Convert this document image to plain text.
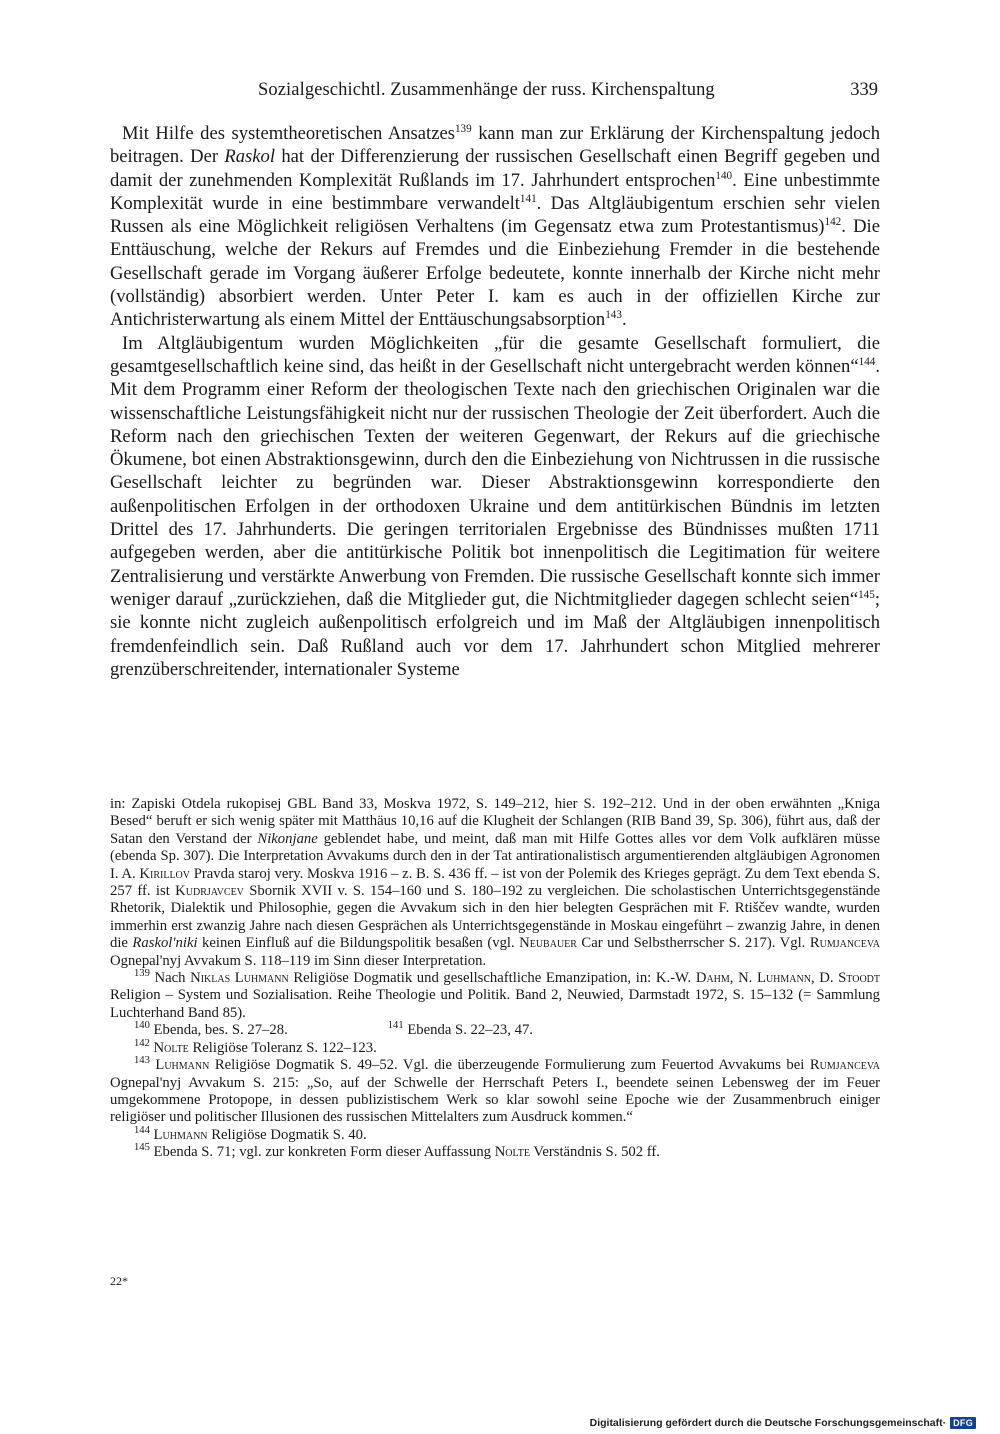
Sozialgeschichtl. Zusammenhänge der russ. Kirchenspaltung	339

Mit Hilfe des systemtheoretischen Ansatzes$^{139}$ kann man zur Erklärung der Kirchenspaltung jedoch beitragen. Der Raskol hat der Differenzierung der russischen Gesellschaft einen Begriff gegeben und damit der zunehmenden Komplexität Rußlands im 17. Jahrhundert entsprochen$^{140}$. Eine unbestimmte Komplexität wurde in eine bestimmbare verwandelt$^{141}$. Das Altgläubigentum erschien sehr vielen Russen als eine Möglichkeit religiösen Verhaltens (im Gegensatz etwa zum Protestantismus)$^{142}$. Die Enttäuschung, welche der Rekurs auf Fremdes und die Einbeziehung Fremder in die bestehende Gesellschaft gerade im Vorgang äußerer Erfolge bedeutete, konnte innerhalb der Kirche nicht mehr (vollständig) absorbiert werden. Unter Peter I. kam es auch in der offiziellen Kirche zur Antichristerwartung als einem Mittel der Enttäuschungsabsorption$^{143}$.

Im Altgläubigentum wurden Möglichkeiten „für die gesamte Gesellschaft formuliert, die gesamtgesellschaftlich keine sind, das heißt in der Gesellschaft nicht untergebracht werden können“$^{144}$. Mit dem Programm einer Reform der theologischen Texte nach den griechischen Originalen war die wissenschaftliche Leistungsfähigkeit nicht nur der russischen Theologie der Zeit überfordert. Auch die Reform nach den griechischen Texten der weiteren Gegenwart, der Rekurs auf die griechische Ökumene, bot einen Abstraktionsgewinn, durch den die Einbeziehung von Nichtrussen in die russische Gesellschaft leichter zu begründen war. Dieser Abstraktionsgewinn korrespondierte den außenpolitischen Erfolgen in der orthodoxen Ukraine und dem antitürkischen Bündnis im letzten Drittel des 17. Jahrhunderts. Die geringen territorialen Ergebnisse des Bündnisses mußten 1711 aufgegeben werden, aber die antitürkische Politik bot innenpolitisch die Legitimation für weitere Zentralisierung und verstärkte Anwerbung von Fremden. Die russische Gesellschaft konnte sich immer weniger darauf „zurückziehen, daß die Mitglieder gut, die Nichtmitglieder dagegen schlecht seien“$^{145}$; sie konnte nicht zugleich außenpolitisch erfolgreich und im Maß der Altgläubigen innenpolitisch fremdenfeindlich sein. Daß Rußland auch vor dem 17. Jahrhundert schon Mitglied mehrerer grenzüberschreitender, internationaler Systeme

in: Zapiski Otdela rukopisej GBL Band 33, Moskva 1972, S. 149–212, hier S. 192–212. Und in der oben erwähnten „Kniga Besed“ beruft er sich wenig später mit Matthäus 10,16 auf die Klugheit der Schlangen (RIB Band 39, Sp. 306), führt aus, daß der Satan den Verstand der Nikonjane geblendet habe, und meint, daß man mit Hilfe Gottes alles vor dem Volk aufklären müsse (ebenda Sp. 307). Die Interpretation Avvakums durch den in der Tat antirationalistisch argumentierenden altgläubigen Agronomen I. A. Kirillov Pravda staroj very. Moskva 1916 – z. B. S. 436 ff. – ist von der Polemik des Krieges geprägt. Zu dem Text ebenda S. 257 ff. ist Kudrjavcev Sbornik XVII v. S. 154–160 und S. 180–192 zu vergleichen. Die scholastischen Unterrichtsgegenstände Rhetorik, Dialektik und Philosophie, gegen die Avvakum sich in den hier belegten Gesprächen mit F. Rtiščev wandte, wurden immerhin erst zwanzig Jahre nach diesen Gesprächen als Unterrichtsgegenstände in Moskau eingeführt – zwanzig Jahre, in denen die Raskol'niki keinen Einfluß auf die Bildungspolitik besaßen (vgl. Neubauer Car und Selbstherrscher S. 217). Vgl. Rumjanceva Ognepal'nyj Avvakum S. 118–119 im Sinn dieser Interpretation.

$^{139}$ Nach Niklas Luhmann Religiöse Dogmatik und gesellschaftliche Emanzipation, in: K.-W. Dahm, N. Luhmann, D. Stoodt Religion – System und Sozialisation. Reihe Theologie und Politik. Band 2, Neuwied, Darmstadt 1972, S. 15–132 (= Sammlung Luchterhand Band 85).

$^{140}$ Ebenda, bes. S. 27–28.	$^{141}$ Ebenda S. 22–23, 47.

$^{142}$ Nolte Religiöse Toleranz S. 122–123.

$^{143}$ Luhmann Religiöse Dogmatik S. 49–52. Vgl. die überzeugende Formulierung zum Feuertod Avvakums bei Rumjanceva Ognepal'nyj Avvakum S. 215: „So, auf der Schwelle der Herrschaft Peters I., beendete seinen Lebensweg der im Feuer umgekommene Protopope, in dessen publizistischem Werk so klar sowohl seine Epoche wie der Zusammenbruch einiger religiöser und politischer Illusionen des russischen Mittelalters zum Ausdruck kommen.“

$^{144}$ Luhmann Religiöse Dogmatik S. 40.

$^{145}$ Ebenda S. 71; vgl. zur konkreten Form dieser Auffassung Nolte Verständnis S. 502 ff.

22*
Digitalisierung gefördert durch die Deutsche Forschungsgemeinschaft · DFG
